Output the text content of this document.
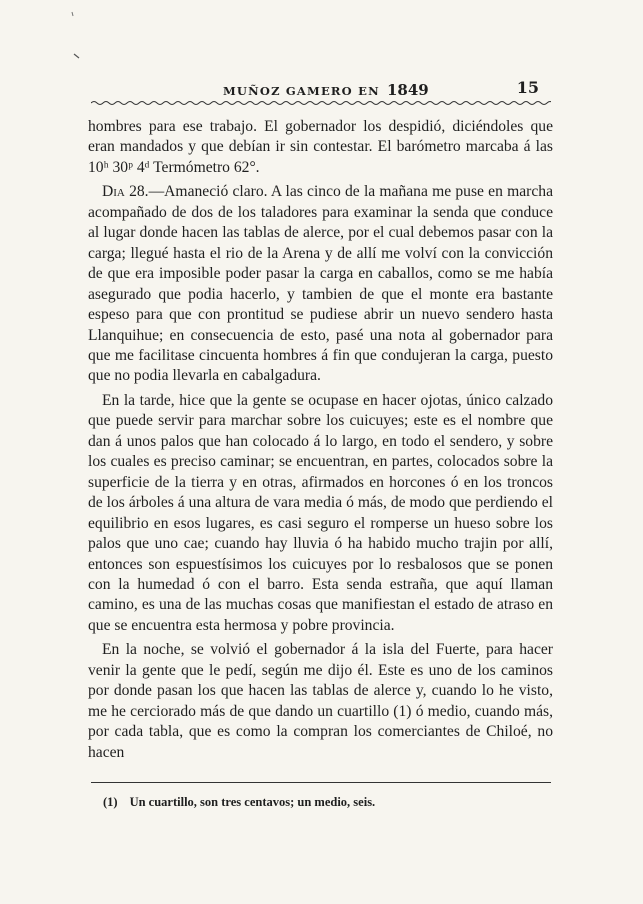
MUÑOZ GAMERO EN 1849	15

hombres para ese trabajo. El gobernador los despidió, diciéndoles que eran mandados y que debían ir sin contestar. El barómetro marcaba á las 10ʰ 30ᵖ 4ᵈ Termómetro 62°.

Dia 28.—Amaneció claro. A las cinco de la mañana me puse en marcha acompañado de dos de los taladores para examinar la senda que conduce al lugar donde hacen las tablas de alerce, por el cual debemos pasar con la carga; llegué hasta el rio de la Arena y de allí me volví con la convicción de que era imposible poder pasar la carga en caballos, como se me había asegurado que podia hacerlo, y tambien de que el monte era bastante espeso para que con prontitud se pudiese abrir un nuevo sendero hasta Llanquihue; en consecuencia de esto, pasé una nota al gobernador para que me facilitase cincuenta hombres á fin que condujeran la carga, puesto que no podia llevarla en cabalgadura.

En la tarde, hice que la gente se ocupase en hacer ojotas, único calzado que puede servir para marchar sobre los cuicuyes; este es el nombre que dan á unos palos que han colocado á lo largo, en todo el sendero, y sobre los cuales es preciso caminar; se encuentran, en partes, colocados sobre la superficie de la tierra y en otras, afirmados en horcones ó en los troncos de los árboles á una altura de vara media ó más, de modo que perdiendo el equilibrio en esos lugares, es casi seguro el romperse un hueso sobre los palos que uno cae; cuando hay lluvia ó ha habido mucho trajin por allí, entonces son espuestísimos los cuicuyes por lo resbalosos que se ponen con la humedad ó con el barro. Esta senda estraña, que aquí llaman camino, es una de las muchas cosas que manifiestan el estado de atraso en que se encuentra esta hermosa y pobre provincia.

En la noche, se volvió el gobernador á la isla del Fuerte, para hacer venir la gente que le pedí, según me dijo él. Este es uno de los caminos por donde pasan los que hacen las tablas de alerce y, cuando lo he visto, me he cerciorado más de que dando un cuartillo (1) ó medio, cuando más, por cada tabla, que es como la compran los comerciantes de Chiloé, no hacen

(1) Un cuartillo, son tres centavos; un medio, seis.
